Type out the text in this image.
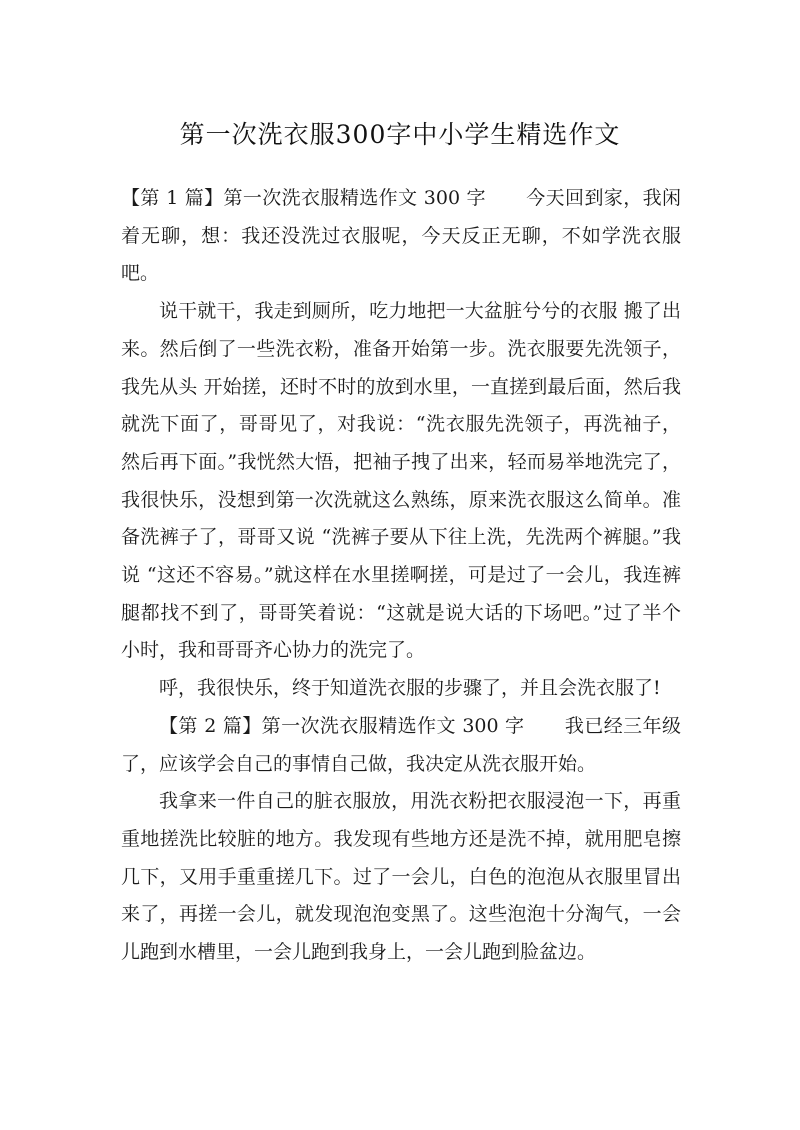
第一次洗衣服300字中小学生精选作文

【第 1 篇】第一次洗衣服精选作文 300 字 今天回到家，我闲着无聊，想：我还没洗过衣服呢，今天反正无聊，不如学洗衣服吧。

说干就干，我走到厕所，吃力地把一大盆脏兮兮的衣服 搬了出来。然后倒了一些洗衣粉，准备开始第一步。洗衣服要先洗领子，我先从头 开始搓，还时不时的放到水里，一直搓到最后面，然后我就洗下面了，哥哥见了，对我说：“洗衣服先洗领子，再洗袖子，然后再下面。”我恍然大悟，把袖子拽了出来，轻而易举地洗完了，我很快乐，没想到第一次洗就这么熟练，原来洗衣服这么简单。准备洗裤子了，哥哥又说 “洗裤子要从下往上洗，先洗两个裤腿。”我说 “这还不容易。”就这样在水里搓啊搓，可是过了一会儿，我连裤腿都找不到了，哥哥笑着说：“这就是说大话的下场吧。”过了半个小时，我和哥哥齐心协力的洗完了。

呼，我很快乐，终于知道洗衣服的步骤了，并且会洗衣服了!

【第 2 篇】第一次洗衣服精选作文 300 字 我已经三年级了，应该学会自己的事情自己做，我决定从洗衣服开始。

我拿来一件自己的脏衣服放，用洗衣粉把衣服浸泡一下，再重重地搓洗比较脏的地方。我发现有些地方还是洗不掉，就用肥皂擦几下，又用手重重搓几下。过了一会儿，白色的泡泡从衣服里冒出来了，再搓一会儿，就发现泡泡变黑了。这些泡泡十分淘气，一会儿跑到水槽里，一会儿跑到我身上，一会儿跑到脸盆边。
